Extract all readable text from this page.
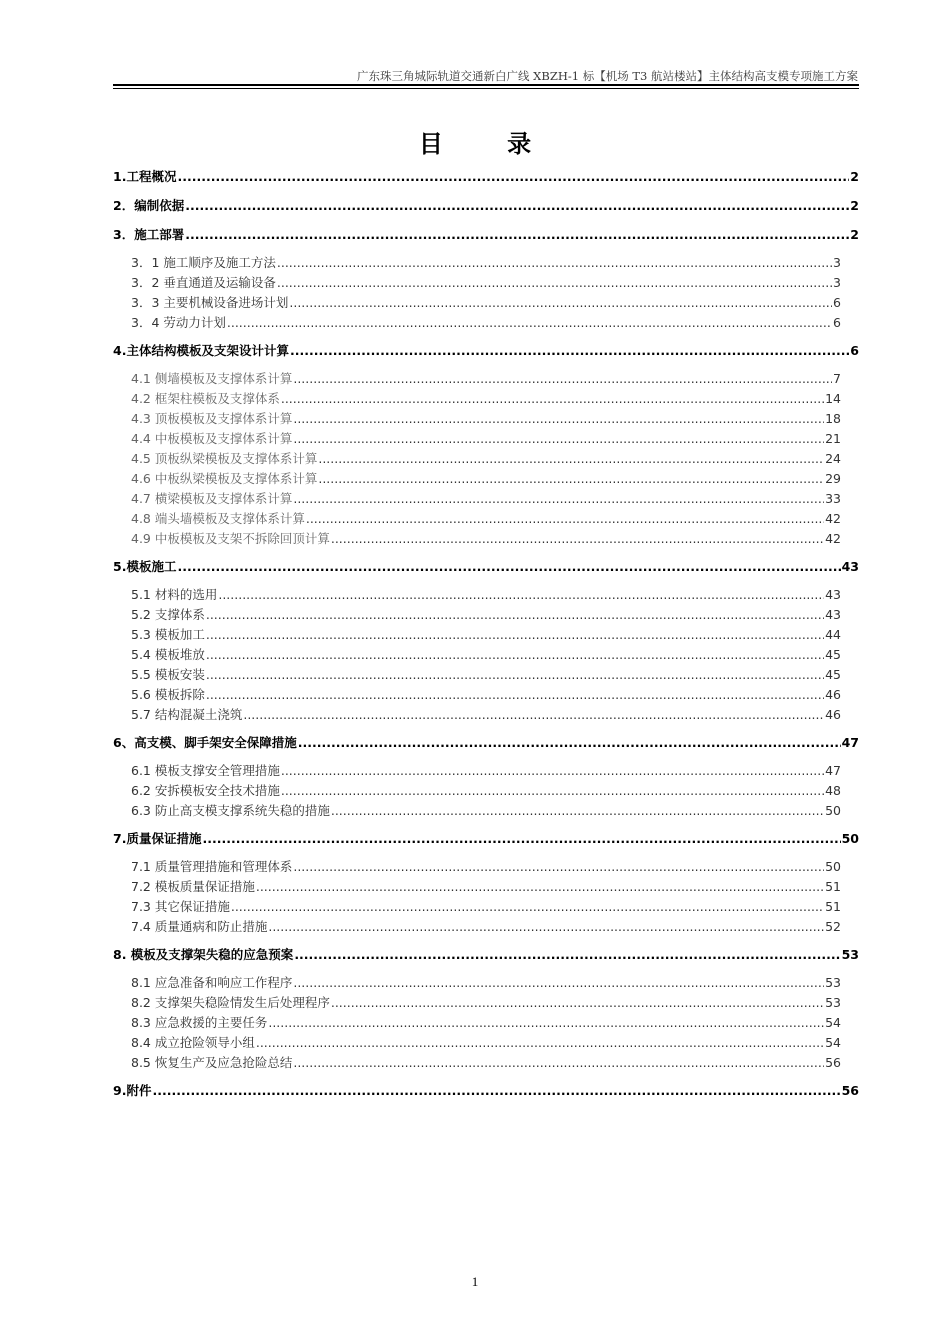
广东珠三角城际轨道交通新白广线 XBZH-1 标【机场 T3 航站楼站】主体结构高支模专项施工方案
目 录
1.工程概况 .....	2
2．编制依据 .....	2
3．施工部署 .....	2
3．1 施工顺序及施工方法 .....	3
3．2 垂直通道及运输设备 .....	3
3．3 主要机械设备进场计划 .....	6
3．4 劳动力计划 .....	6
4.主体结构模板及支架设计计算 .....	6
4.1 侧墙模板及支撑体系计算 .....	7
4.2 框架柱模板及支撑体系 .....	14
4.3 顶板模板及支撑体系计算 .....	18
4.4 中板模板及支撑体系计算 .....	21
4.5 顶板纵梁模板及支撑体系计算 .....	24
4.6 中板纵梁模板及支撑体系计算 .....	29
4.7 横梁模板及支撑体系计算 .....	33
4.8 端头墙模板及支撑体系计算 .....	42
4.9 中板模板及支架不拆除回顶计算 .....	42
5.模板施工 .....	43
5.1 材料的选用 .....	43
5.2 支撑体系 .....	43
5.3 模板加工 .....	44
5.4 模板堆放 .....	45
5.5 模板安装 .....	45
5.6 模板拆除 .....	46
5.7 结构混凝土浇筑 .....	46
6、高支模、脚手架安全保障措施 .....	47
6.1 模板支撑安全管理措施 .....	47
6.2 安拆模板安全技术措施 .....	48
6.3 防止高支模支撑系统失稳的措施 .....	50
7.质量保证措施 .....	50
7.1 质量管理措施和管理体系 .....	50
7.2 模板质量保证措施 .....	51
7.3 其它保证措施 .....	51
7.4 质量通病和防止措施 .....	52
8. 模板及支撑架失稳的应急预案 .....	53
8.1 应急准备和响应工作程序 .....	53
8.2 支撑架失稳险情发生后处理程序 .....	53
8.3 应急救援的主要任务 .....	54
8.4 成立抢险领导小组 .....	54
8.5 恢复生产及应急抢险总结 .....	56
9.附件 .....	56
1
